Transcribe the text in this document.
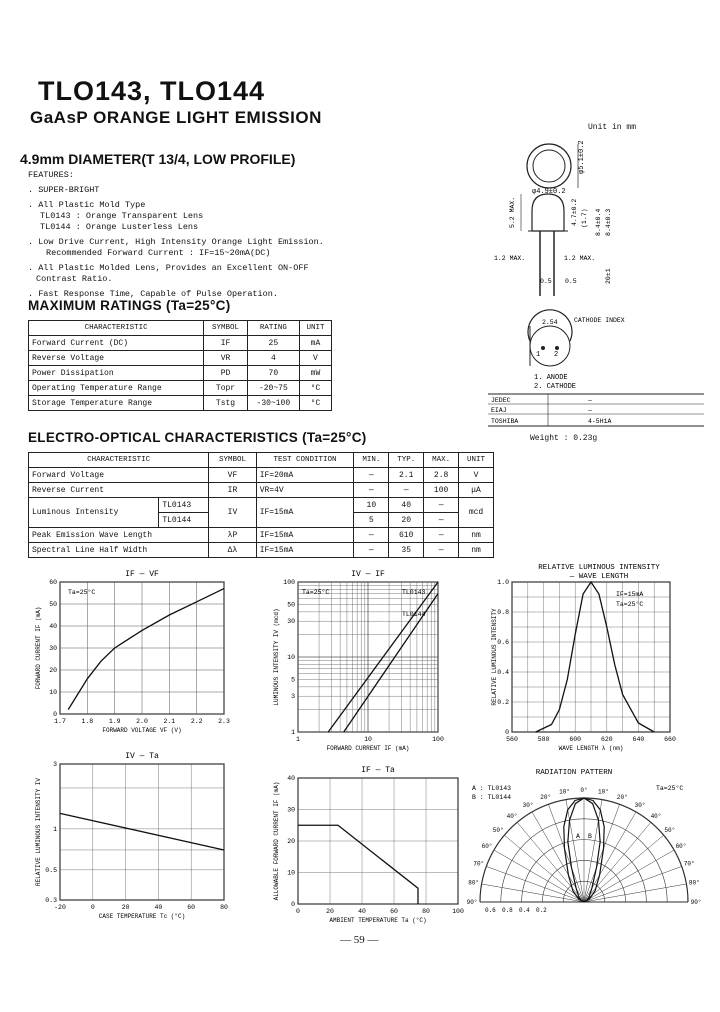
TLO143, TLO144
GaAsP ORANGE LIGHT EMISSION
4.9mm DIAMETER(T 13/4, LOW PROFILE)
FEATURES:
. SUPER-BRIGHT
. All Plastic Mold Type
TL0143 : Orange Transparent Lens
TL0144 : Orange Lusterless Lens
. Low Drive Current, High Intensity Orange Light Emission.
Recommended Forward Current : IF=15~20mA(DC)
. All Plastic Molded Lens, Provides an Excellent ON-OFF
Contrast Ratio.
. Fast Response Time, Capable of Pulse Operation.
Unit in mm
φ5.1±0.2
φ4.9±0.2
5.2 MAX.	4.7±0.2 (1.7) 8.4±0.4 8.4±0.3
1.2 MAX.	1.2 MAX.
0.5 0.5	20±1
1 2
2.54	CATHODE INDEX
1. ANODE
2. CATHODE
JEDEC	—
EIAJ	—
TOSHIBA	4-5H1A
Weight : 0.23g
MAXIMUM RATINGS (Ta=25°C)
CHARACTERISTIC	SYMBOL	RATING	UNIT
Forward Current (DC)	IF	25	mA
Reverse Voltage	VR	4	V
Power Dissipation	PD	70	mW
Operating Temperature Range	Topr	-20~75	°C
Storage Temperature Range	Tstg	-30~100	°C
ELECTRO-OPTICAL CHARACTERISTICS (Ta=25°C)
CHARACTERISTIC		SYMBOL	TEST CONDITION	MIN.	TYP.	MAX.	UNIT
Forward Voltage		VF	IF=20mA	—	2.1	2.8	V
Reverse Current		IR	VR=4V	—	—	100	μA
Luminous Intensity	TL0143	IV	IF=15mA	10	40	—	mcd
	TL0144			5	20	—	
Peak Emission Wave Length		λP	IF=15mA	—	610	—	nm
Spectral Line Half Width		Δλ	IF=15mA	—	35	—	nm
IF — VF
FORWARD VOLTAGE VF (V)
FORWARD CURRENT IF (mA)
1.7 1.8 1.9 2.0 2.1 2.2 2.3
0
10
20
30
40
50
60
Ta=25°C
IV — IF
FORWARD CURRENT IF (mA)
LUMINOUS INTENSITY IV (mcd)
1	10	100
1
3
5
10
30
50
100
Ta=25°C	TL0143
TL0144
RELATIVE LUMINOUS INTENSITY
— WAVE LENGTH
WAVE LENGTH λ (nm)
RELATIVE LUMINOUS INTENSITY
560	580	600	620	640	660
0
0.2
0.4
0.6
0.8
1.0
IF=15mA
Ta=25°C
IV — Ta
CASE TEMPERATURE Tc (°C)
RELATIVE LUMINOUS INTENSITY IV
-20	0	20	40	60	80
0.3
0.5
1
3
IF — Ta
AMBIENT TEMPERATURE Ta (°C)
ALLOWABLE FORWARD CURRENT IF (mA)
0	20	40	60	80	100
0
10
20
30
40
RADIATION PATTERN
A : TL0143
B : TL0144
Ta=25°C
0° 10°
10°
20°
20°
30°
30°
40°
40°
50°
50°
60°
60°
70°
70°
80°
80°
90°
90°
0.6 0.8 0.4 0.2
A B
— 59 —
